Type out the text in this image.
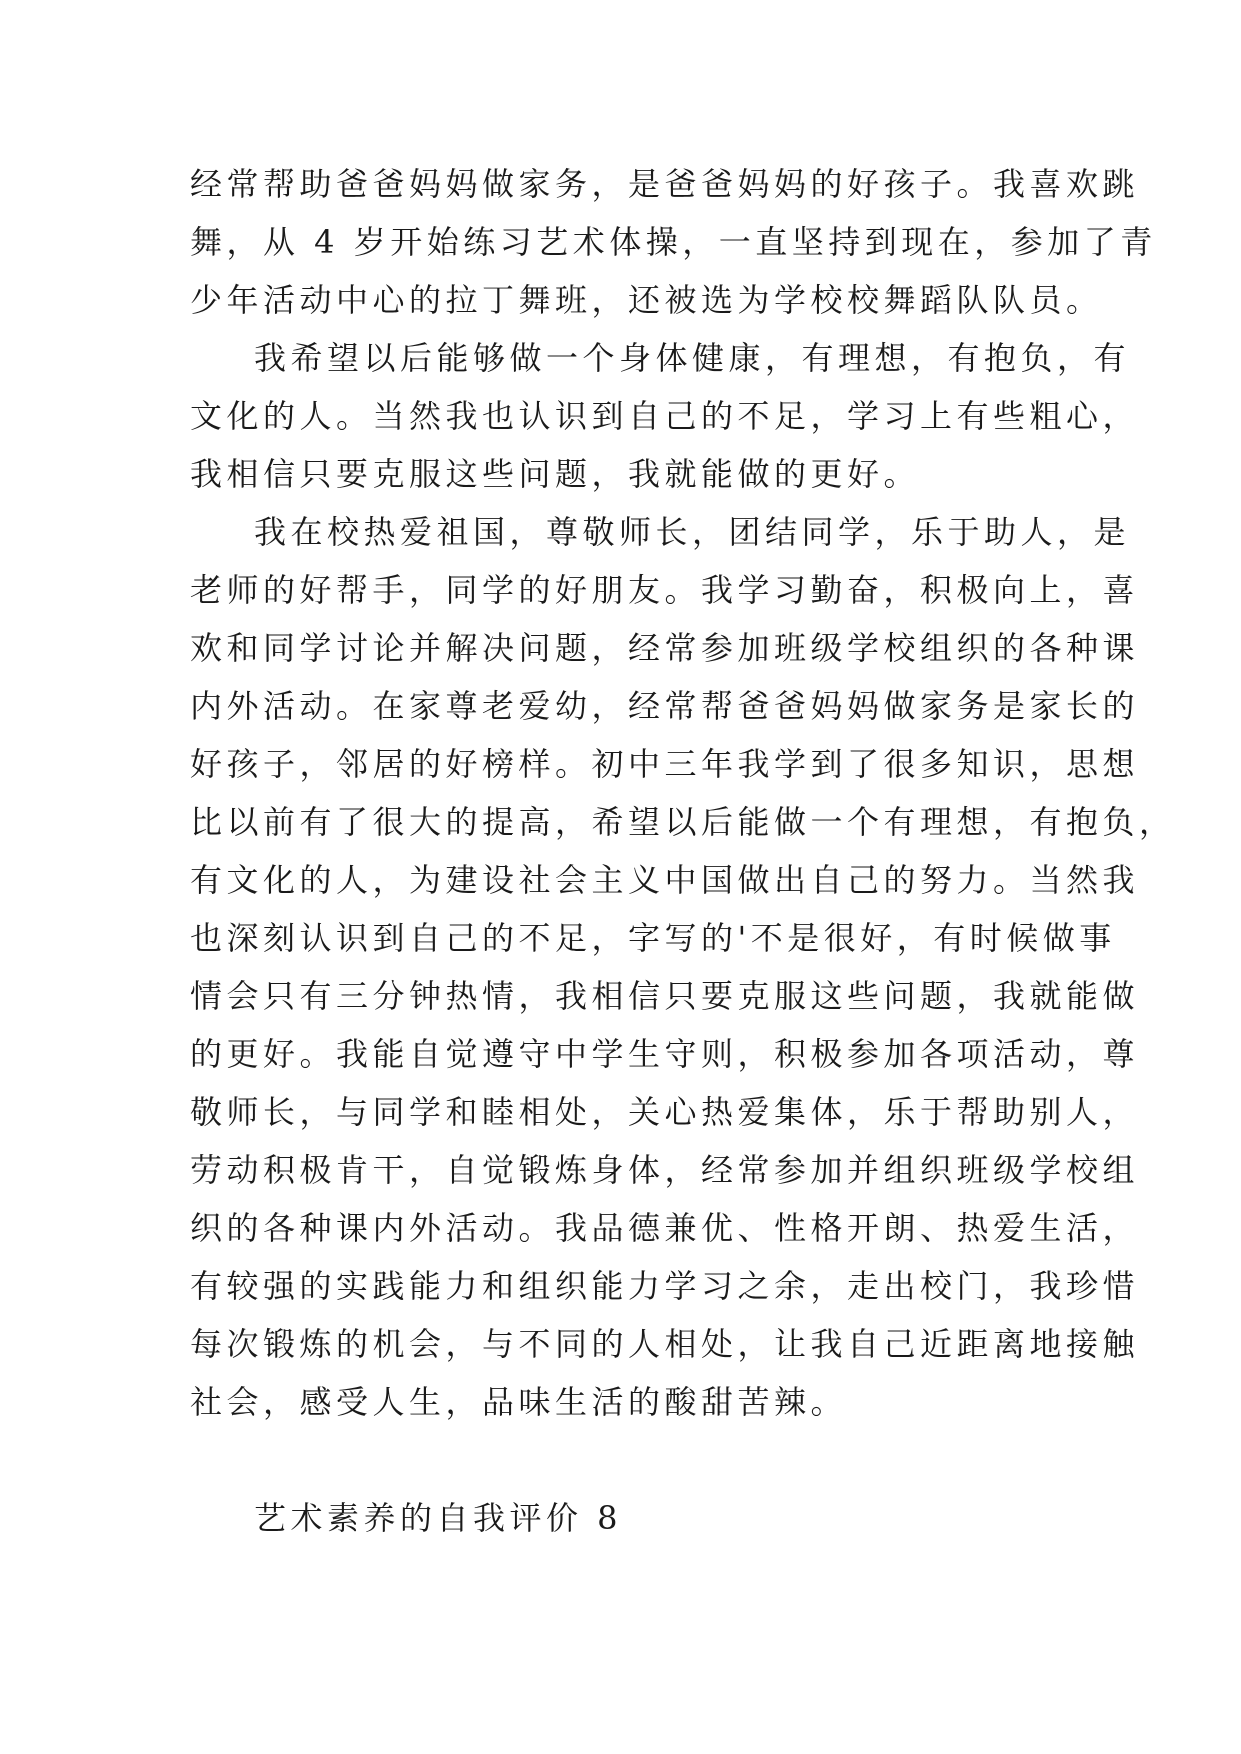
经常帮助爸爸妈妈做家务，是爸爸妈妈的好孩子。我喜欢跳
舞，从 4 岁开始练习艺术体操，一直坚持到现在，参加了青
少年活动中心的拉丁舞班，还被选为学校校舞蹈队队员。
我希望以后能够做一个身体健康，有理想，有抱负，有
文化的人。当然我也认识到自己的不足，学习上有些粗心，
我相信只要克服这些问题，我就能做的更好。
我在校热爱祖国，尊敬师长，团结同学，乐于助人，是
老师的好帮手，同学的好朋友。我学习勤奋，积极向上，喜
欢和同学讨论并解决问题，经常参加班级学校组织的各种课
内外活动。在家尊老爱幼，经常帮爸爸妈妈做家务是家长的
好孩子，邻居的好榜样。初中三年我学到了很多知识，思想
比以前有了很大的提高，希望以后能做一个有理想，有抱负，
有文化的人，为建设社会主义中国做出自己的努力。当然我
也深刻认识到自己的不足，字写的'不是很好，有时候做事
情会只有三分钟热情，我相信只要克服这些问题，我就能做
的更好。我能自觉遵守中学生守则，积极参加各项活动，尊
敬师长，与同学和睦相处，关心热爱集体，乐于帮助别人，
劳动积极肯干，自觉锻炼身体，经常参加并组织班级学校组
织的各种课内外活动。我品德兼优、性格开朗、热爱生活，
有较强的实践能力和组织能力学习之余，走出校门，我珍惜
每次锻炼的机会，与不同的人相处，让我自己近距离地接触
社会，感受人生，品味生活的酸甜苦辣。
艺术素养的自我评价 8
